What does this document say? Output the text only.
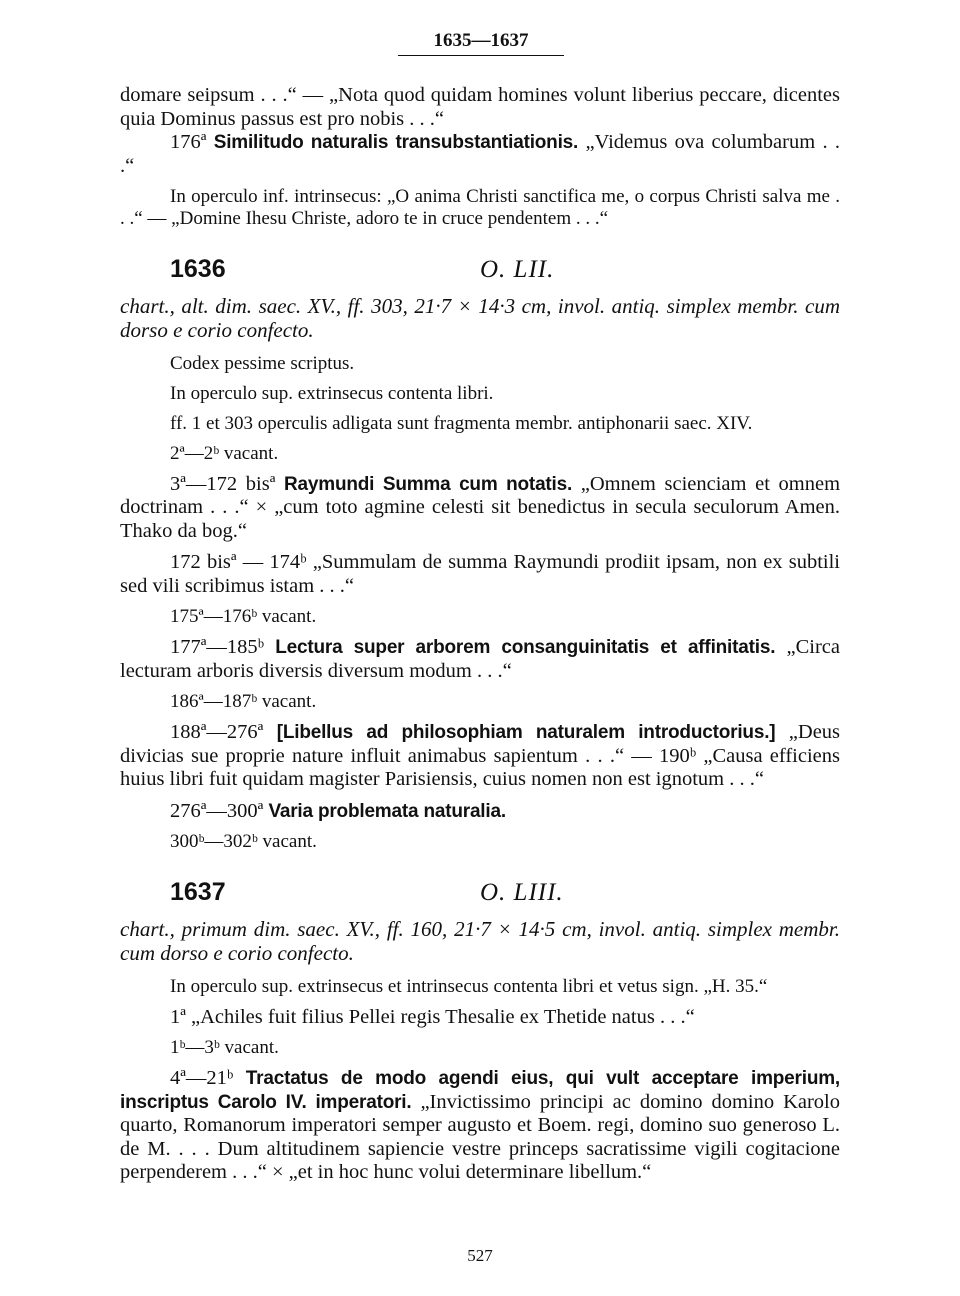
1635—1637

domare seipsum . . .“ — „Nota quod quidam homines volunt liberius peccare, dicentes quia Dominus passus est pro nobis . . .“

176ª Similitudo naturalis transubstantiationis. „Videmus ova columbarum . . .“

In operculo inf. intrinsecus: „O anima Christi sanctifica me, o corpus Christi salva me . . .“ — „Domine Ihesu Christe, adoro te in cruce pendentem . . .“

1636	O. LII.

chart., alt. dim. saec. XV., ff. 303, 21·7 × 14·3 cm, invol. antiq. simplex membr. cum dorso e corio confecto.

Codex pessime scriptus.

In operculo sup. extrinsecus contenta libri.

ff. 1 et 303 operculis adligata sunt fragmenta membr. antiphonarii saec. XIV.

2ª—2ᵇ vacant.

3ª—172 bisª Raymundi Summa cum notatis. „Omnem scienciam et omnem doctrinam . . .“ × „cum toto agmine celesti sit benedictus in secula seculorum Amen. Thako da bog.“

172 bisª — 174ᵇ „Summulam de summa Raymundi prodiit ipsam, non ex subtili sed vili scribimus istam . . .“

175ª—176ᵇ vacant.

177ª—185ᵇ Lectura super arborem consanguinitatis et affinitatis. „Circa lecturam arboris diversis diversum modum . . .“

186ª—187ᵇ vacant.

188ª—276ª [Libellus ad philosophiam naturalem introductorius.] „Deus divicias sue proprie nature influit animabus sapientum . . .“ — 190ᵇ „Causa efficiens huius libri fuit quidam magister Parisiensis, cuius nomen non est ignotum . . .“

276ª—300ª Varia problemata naturalia.

300ᵇ—302ᵇ vacant.

1637	O. LIII.

chart., primum dim. saec. XV., ff. 160, 21·7 × 14·5 cm, invol. antiq. simplex membr. cum dorso e corio confecto.

In operculo sup. extrinsecus et intrinsecus contenta libri et vetus sign. „H. 35.“

1ª „Achiles fuit filius Pellei regis Thesalie ex Thetide natus . . .“

1ᵇ—3ᵇ vacant.

4ª—21ᵇ Tractatus de modo agendi eius, qui vult acceptare imperium, inscriptus Carolo IV. imperatori. „Invictissimo principi ac domino domino Karolo quarto, Romanorum imperatori semper augusto et Boem. regi, domino suo generoso L. de M. . . . Dum altitudinem sapiencie vestre princeps sacratissime vigili cogitacione perpenderem . . .“ × „et in hoc hunc volui determinare libellum.“

527
